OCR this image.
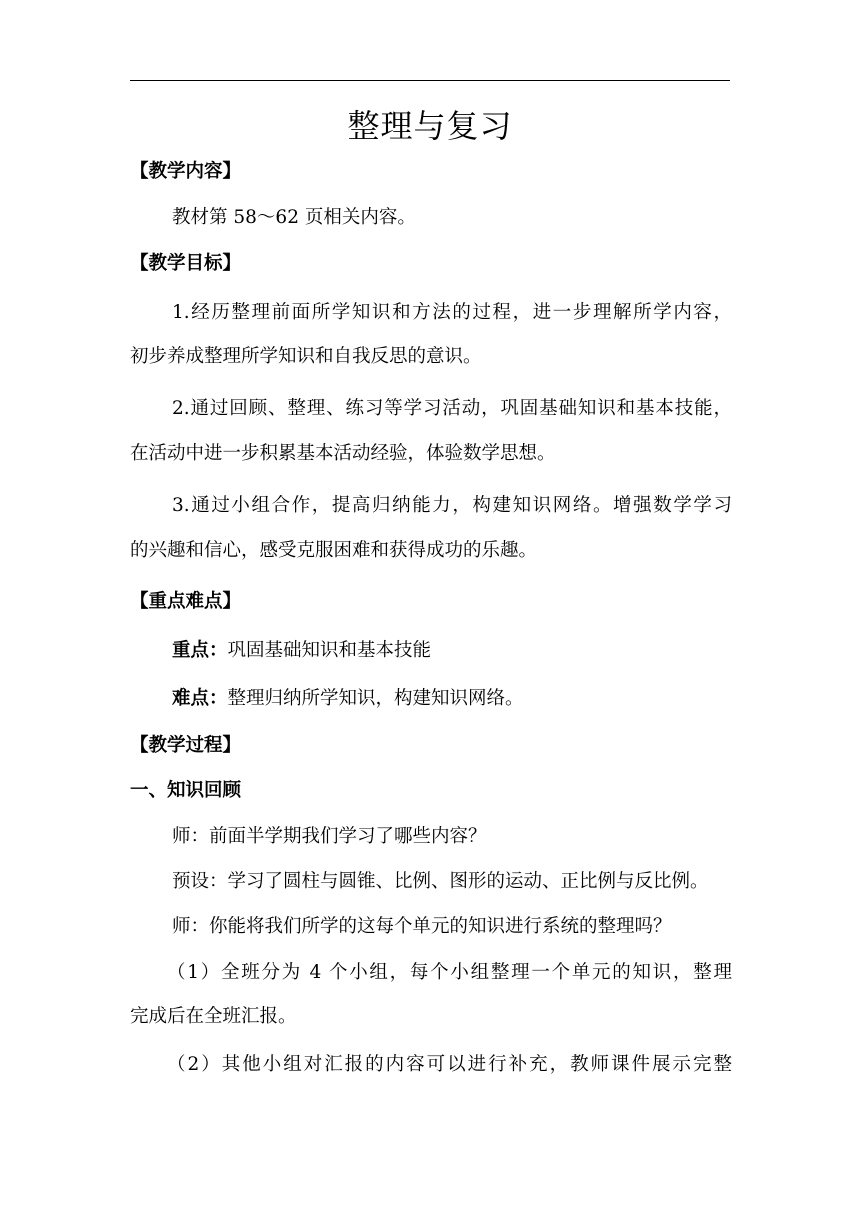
整理与复习
【教学内容】
教材第 58～62 页相关内容。
【教学目标】
1.经历整理前面所学知识和方法的过程，进一步理解所学内容，
初步养成整理所学知识和自我反思的意识。
2.通过回顾、整理、练习等学习活动，巩固基础知识和基本技能，
在活动中进一步积累基本活动经验，体验数学思想。
3.通过小组合作，提高归纳能力，构建知识网络。增强数学学习
的兴趣和信心，感受克服困难和获得成功的乐趣。
【重点难点】
重点：巩固基础知识和基本技能
难点：整理归纳所学知识，构建知识网络。
【教学过程】
一、知识回顾
师：前面半学期我们学习了哪些内容？
预设：学习了圆柱与圆锥、比例、图形的运动、正比例与反比例。
师：你能将我们所学的这每个单元的知识进行系统的整理吗？
（1）全班分为 4 个小组，每个小组整理一个单元的知识，整理
完成后在全班汇报。
（2）其他小组对汇报的内容可以进行补充，教师课件展示完整
